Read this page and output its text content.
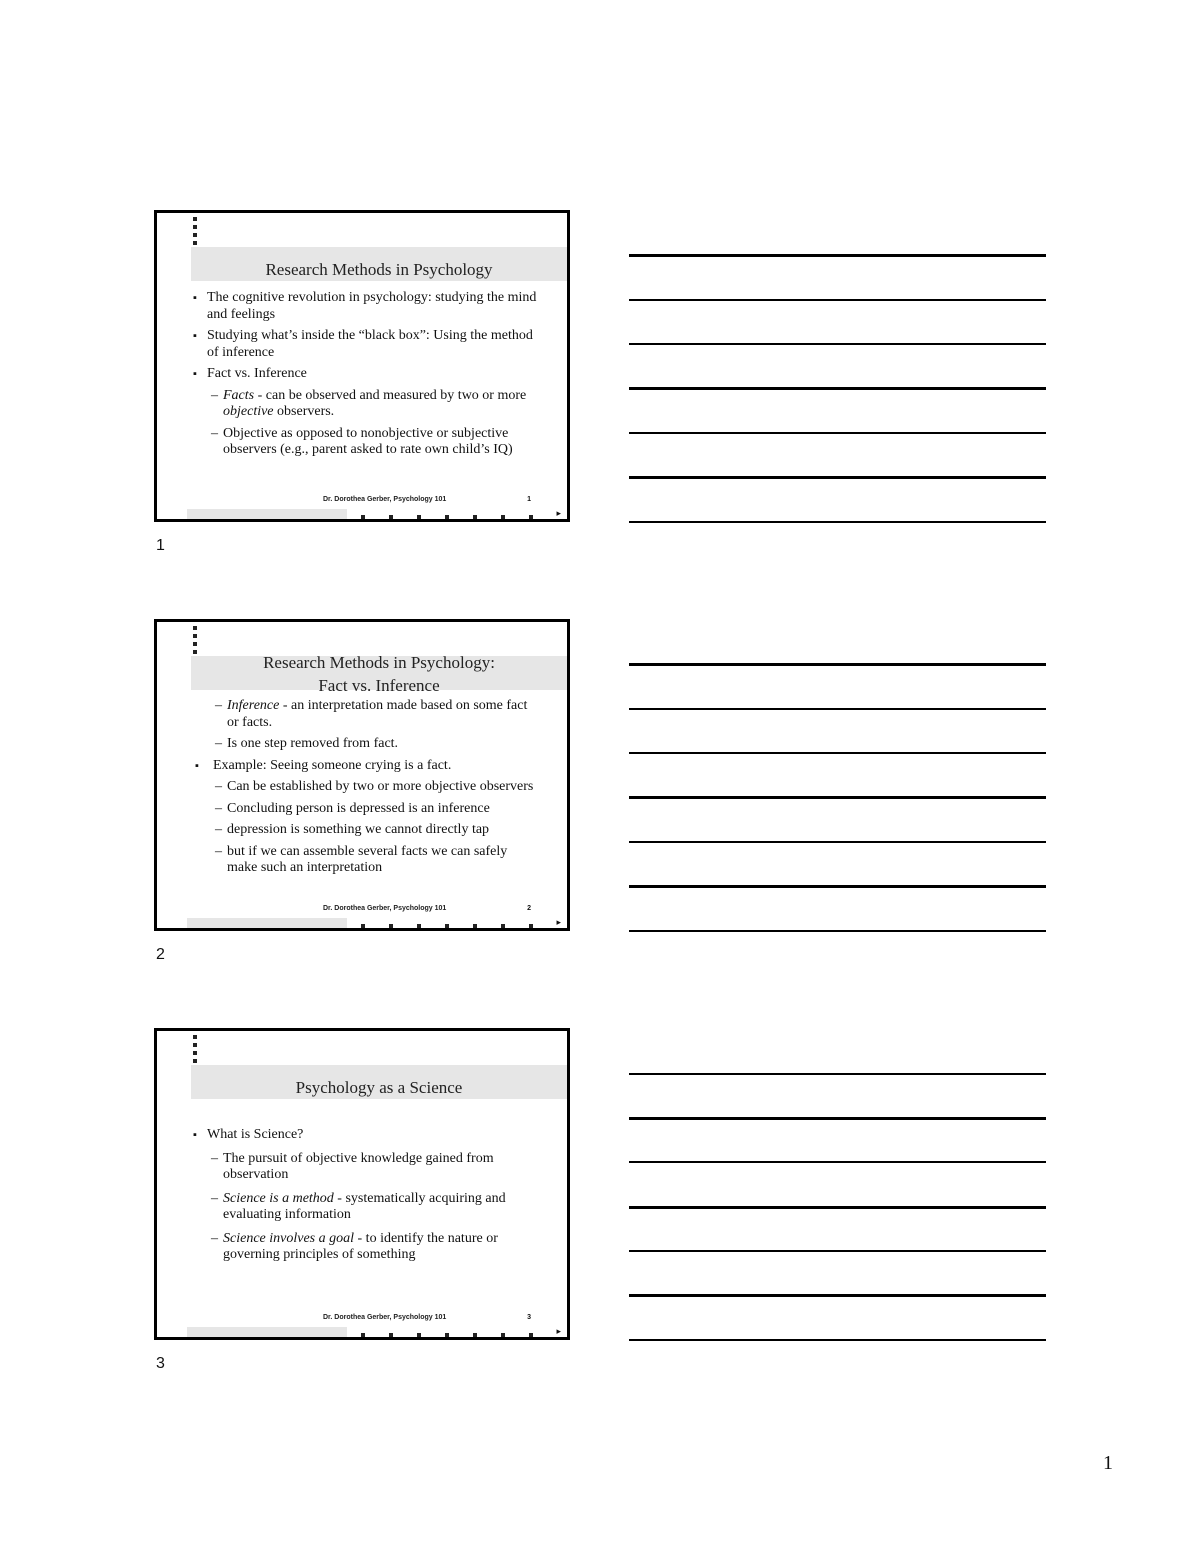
Research Methods in Psychology
▪ The cognitive revolution in psychology: studying the mind and feelings
▪ Studying what’s inside the “black box”: Using the method of inference
▪ Fact vs. Inference
– Facts - can be observed and measured by two or more objective observers.
– Objective as opposed to nonobjective or subjective observers (e.g., parent asked to rate own child’s IQ)
Dr. Dorothea Gerber, Psychology 101	1
▸
1
Research Methods in Psychology:
Fact vs. Inference
– Inference - an interpretation made based on some fact or facts.
– Is one step removed from fact.
▪ Example: Seeing someone crying is a fact.
– Can be established by two or more objective observers
– Concluding person is depressed is an inference
– depression is something we cannot directly tap
– but if we can assemble several facts we can safely make such an interpretation
Dr. Dorothea Gerber, Psychology 101	2
▸
2
Psychology as a Science
▪ What is Science?
– The pursuit of objective knowledge gained from observation
– Science is a method - systematically acquiring and evaluating information
– Science involves a goal - to identify the nature or governing principles of something
Dr. Dorothea Gerber, Psychology 101	3
▸
3
1
